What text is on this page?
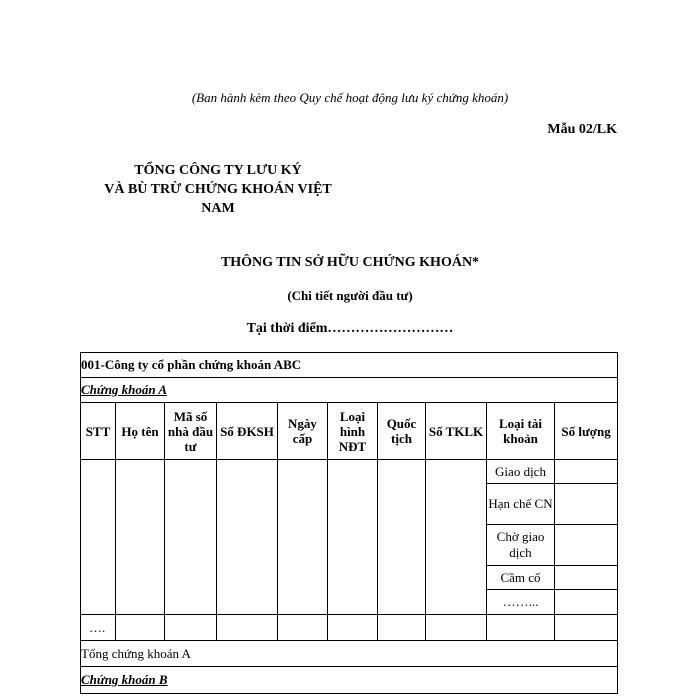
(Ban hành kèm theo Quy chế hoạt động lưu ký chứng khoán)
Mẫu 02/LK
TỔNG CÔNG TY LƯU KÝ
VÀ BÙ TRỪ CHỨNG KHOÁN VIỆT
NAM
THÔNG TIN SỞ HỮU CHỨNG KHOÁN*
(Chi tiết người đầu tư)
Tại thời điểm………………………
001-Công ty cổ phần chứng khoán ABC									
Chứng khoán A									
STT	Họ tên	Mã số nhà đầu tư	Số ĐKSH	Ngày cấp	Loại hình NĐT	Quốc tịch	Số TKLK	Loại tài khoản	Số lượng
								Giao dịch	
								Hạn chế CN	
								Chờ giao dịch	
								Cầm cố	
								……...	
….									
Tổng chứng khoán A									
Chứng khoán B									
